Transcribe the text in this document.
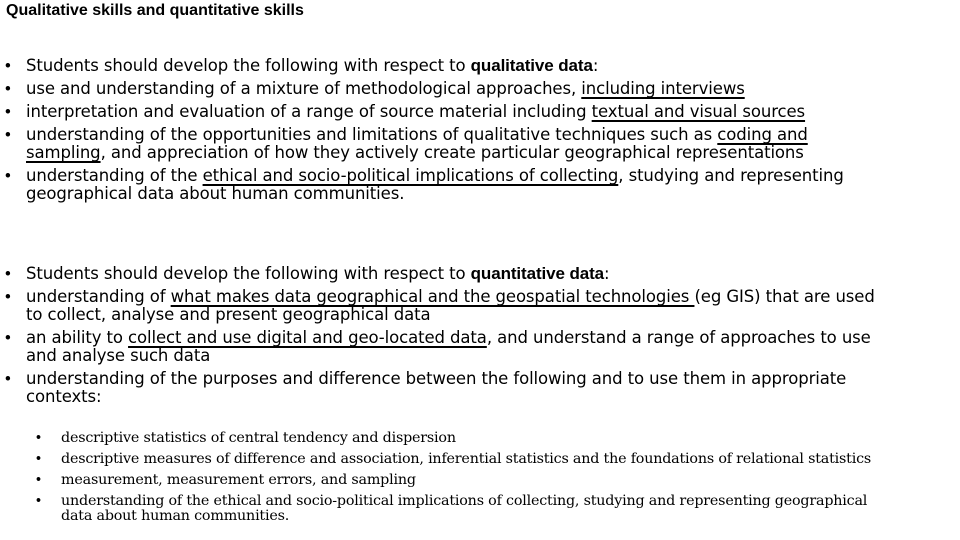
Qualitative skills and quantitative skills
• Students should develop the following with respect to qualitative data:
• use and understanding of a mixture of methodological approaches, including interviews
• interpretation and evaluation of a range of source material including textual and visual sources
• understanding of the opportunities and limitations of qualitative techniques such as coding and
sampling, and appreciation of how they actively create particular geographical representations
• understanding of the ethical and socio-political implications of collecting, studying and representing
geographical data about human communities.
• Students should develop the following with respect to quantitative data:
• understanding of what makes data geographical and the geospatial technologies (eg GIS) that are used
to collect, analyse and present geographical data
• an ability to collect and use digital and geo-located data, and understand a range of approaches to use
and analyse such data
• understanding of the purposes and difference between the following and to use them in appropriate
contexts:
• descriptive statistics of central tendency and dispersion
• descriptive measures of difference and association, inferential statistics and the foundations of relational statistics
• measurement, measurement errors, and sampling
• understanding of the ethical and socio-political implications of collecting, studying and representing geographical
data about human communities.
